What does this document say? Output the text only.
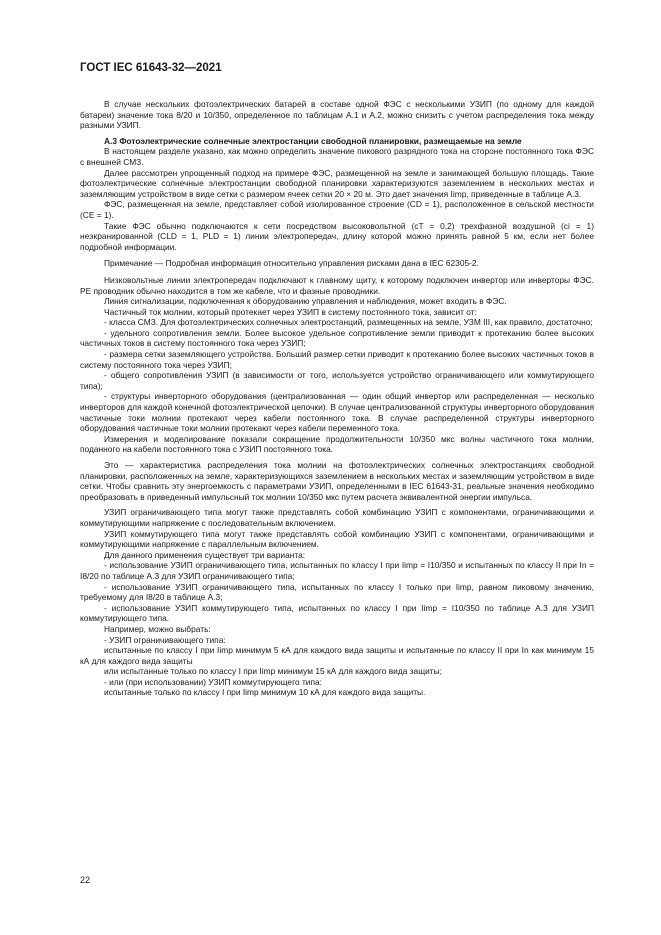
ГОСТ IEC 61643-32—2021

В случае нескольких фотоэлектрических батарей в составе одной ФЭС с несколькими УЗИП (по одному для каждой батареи) значение тока 8/20 и 10/350, определенное по таблицам А.1 и А.2, можно снизить с учетом распределения тока между разными УЗИП.

А.3 Фотоэлектрические солнечные электростанции свободной планировки, размещаемые на земле

В настоящем разделе указано, как можно определить значение пикового разрядного тока на стороне постоянного тока ФЭС с внешней СМЗ.

Далее рассмотрен упрощенный подход на примере ФЭС, размещенной на земле и занимающей большую площадь. Такие фотоэлектрические солнечные электростанции свободной планировки характеризуются заземлением в нескольких местах и заземляющим устройством в виде сетки с размером ячеек сетки 20 × 20 м. Это дает значения Iimp, приведенные в таблице А.3.

ФЭС, размещенная на земле, представляет собой изолированное строение (CD = 1), расположенное в сельской местности (CE = 1).

Такие ФЭС обычно подключаются к сети посредством высоковольтной (cT = 0,2) трехфазной воздушной (ci = 1) неэкранированной (CLD = 1, PLD = 1) линии электропередач, длину которой можно принять равной 5 км, если нет более подробной информации.

Примечание — Подробная информация относительно управления рисками дана в IEC 62305-2.

Низковольтные линии электропередач подключают к главному щиту, к которому подключен инвертор или инверторы ФЭС. РЕ проводник обычно находится в том же кабеле, что и фазные проводники.

Линия сигнализации, подключенная к оборудованию управления и наблюдения, может входить в ФЭС.

Частичный ток молнии, который протекает через УЗИП в систему постоянного тока, зависит от:

- класса СМЗ. Для фотоэлектрических солнечных электростанций, размещенных на земле, УЗМ III, как правило, достаточно;

- удельного сопротивления земли. Более высокое удельное сопротивление земли приводит к протеканию более высоких частичных токов в систему постоянного тока через УЗИП;

- размера сетки заземляющего устройства. Больший размер сетки приводит к протеканию более высоких частичных токов в систему постоянного тока через УЗИП;

- общего сопротивления УЗИП (в зависимости от того, используется устройство ограничивающего или коммутирующего типа);

- структуры инверторного оборудования (централизованная — один общий инвертор или распределенная — несколько инверторов для каждой конечной фотоэлектрической цепочки). В случае централизованной структуры инверторного оборудования частичные токи молнии протекают через кабели постоянного тока. В случае распределенной структуры инверторного оборудования частичные токи молнии протекают через кабели переменного тока.

Измерения и моделирование показали сокращение продолжительности 10/350 мкс волны частичного тока молнии, поданного на кабели постоянного тока с УЗИП постоянного тока.

Это — характеристика распределения тока молнии на фотоэлектрических солнечных электростанциях свободной планировки, расположенных на земле, характеризующихся заземлением в нескольких местах и заземляющим устройством в виде сетки. Чтобы сравнить эту энергоемкость с параметрами УЗИП, определенными в IEC 61643-31, реальные значения необходимо преобразовать в приведенный импульсный ток молнии 10/350 мкс путем расчета эквивалентной энергии импульса.

УЗИП ограничивающего типа могут также представлять собой комбинацию УЗИП с компонентами, ограничивающими и коммутирующими напряжение с последовательным включением.

УЗИП коммутирующего типа могут также представлять собой комбинацию УЗИП с компонентами, ограничивающими и коммутирующими напряжение с параллельным включением.

Для данного применения существует три варианта:

- использование УЗИП ограничивающего типа, испытанных по классу I при Iimp = I10/350 и испытанных по классу II при In = I8/20 по таблице А.3 для УЗИП ограничивающего типа;

- использование УЗИП ограничивающего типа, испытанных по классу I только при Iimp, равном пиковому значению, требуемому для I8/20 в таблице А.3;

- использование УЗИП коммутирующего типа, испытанных по классу I при Iimp = I10/350 по таблице А.3 для УЗИП коммутирующего типа.

Например, можно выбрать:

- УЗИП ограничивающего типа:

испытанные по классу I при Iimp минимум 5 кА для каждого вида защиты и испытанные по классу II при In как минимум 15 кА для каждого вида защиты

или испытанные только по классу I при Iimp минимум 15 кА для каждого вида защиты;

- или (при использовании) УЗИП коммутирующего типа:

испытанные только по классу I при Iimp минимум 10 кА для каждого вида защиты.

22
